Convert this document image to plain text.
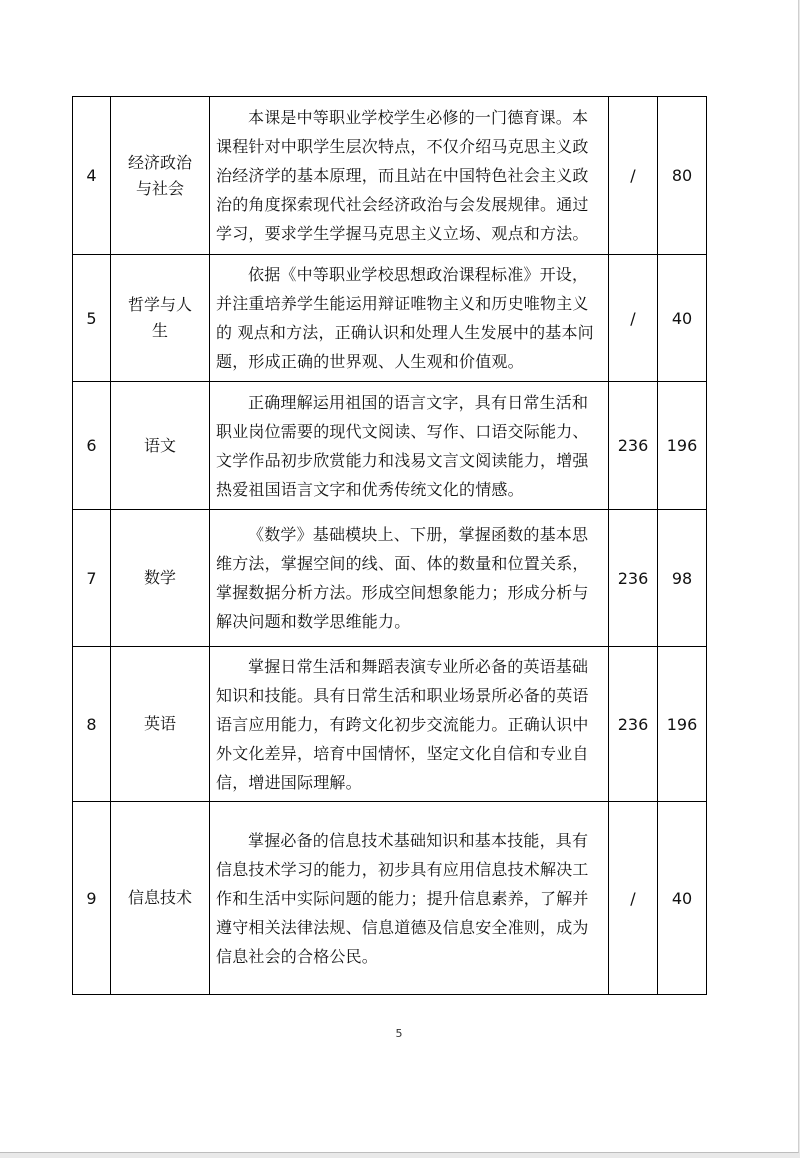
4	经济政治与社会	本课是中等职业学校学生必修的一门德育课。本课程针对中职学生层次特点，不仅介绍马克思主义政治经济学的基本原理，而且站在中国特色社会主义政治的角度探索现代社会经济政治与会发展规律。通过学习，要求学生学握马克思主义立场、观点和方法。	/	80
5	哲学与人生	依据《中等职业学校思想政治课程标准》开设，并注重培养学生能运用辩证唯物主义和历史唯物主义的 观点和方法，正确认识和处理人生发展中的基本问题，形成正确的世界观、人生观和价值观。	/	40
6	语文	正确理解运用祖国的语言文字，具有日常生活和职业岗位需要的现代文阅读、写作、口语交际能力、文学作品初步欣赏能力和浅易文言文阅读能力，增强热爱祖国语言文字和优秀传统文化的情感。	236	196
7	数学	《数学》基础模块上、下册，掌握函数的基本思维方法，掌握空间的线、面、体的数量和位置关系，掌握数据分析方法。形成空间想象能力；形成分析与解决问题和数学思维能力。	236	98
8	英语	掌握日常生活和舞蹈表演专业所必备的英语基础知识和技能。具有日常生活和职业场景所必备的英语语言应用能力，有跨文化初步交流能力。正确认识中外文化差异，培育中国情怀，坚定文化自信和专业自信，增进国际理解。	236	196
9	信息技术	掌握必备的信息技术基础知识和基本技能，具有信息技术学习的能力，初步具有应用信息技术解决工作和生活中实际问题的能力；提升信息素养，了解并遵守相关法律法规、信息道德及信息安全准则，成为信息社会的合格公民。	/	40
5
